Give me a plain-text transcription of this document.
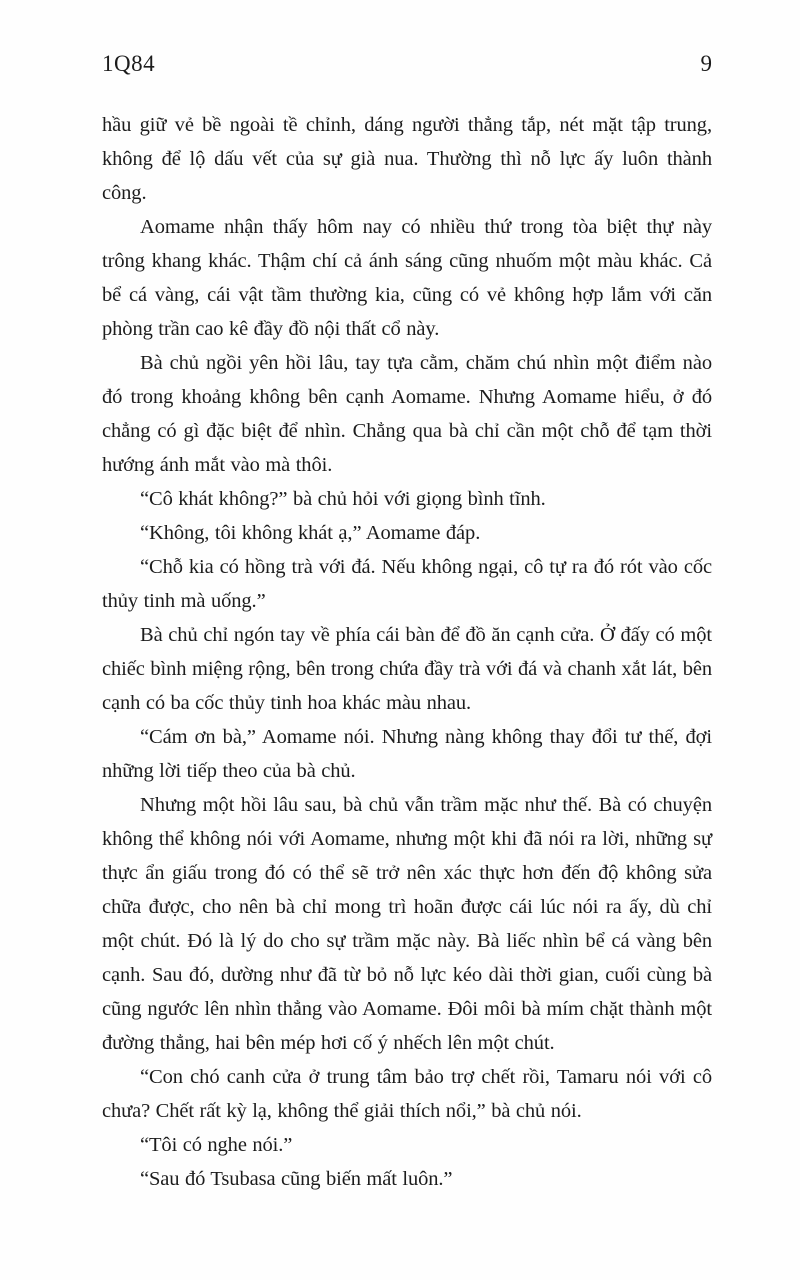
1Q84	9

hầu giữ vẻ bề ngoài tề chỉnh, dáng người thẳng tắp, nét mặt tập trung, không để lộ dấu vết của sự già nua. Thường thì nỗ lực ấy luôn thành công.

Aomame nhận thấy hôm nay có nhiều thứ trong tòa biệt thự này trông khang khác. Thậm chí cả ánh sáng cũng nhuốm một màu khác. Cả bể cá vàng, cái vật tầm thường kia, cũng có vẻ không hợp lắm với căn phòng trần cao kê đầy đồ nội thất cổ này.

Bà chủ ngồi yên hồi lâu, tay tựa cằm, chăm chú nhìn một điểm nào đó trong khoảng không bên cạnh Aomame. Nhưng Aomame hiểu, ở đó chẳng có gì đặc biệt để nhìn. Chẳng qua bà chỉ cần một chỗ để tạm thời hướng ánh mắt vào mà thôi.

“Cô khát không?” bà chủ hỏi với giọng bình tĩnh.

“Không, tôi không khát ạ,” Aomame đáp.

“Chỗ kia có hồng trà với đá. Nếu không ngại, cô tự ra đó rót vào cốc thủy tinh mà uống.”

Bà chủ chỉ ngón tay về phía cái bàn để đồ ăn cạnh cửa. Ở đấy có một chiếc bình miệng rộng, bên trong chứa đầy trà với đá và chanh xắt lát, bên cạnh có ba cốc thủy tinh hoa khác màu nhau.

“Cám ơn bà,” Aomame nói. Nhưng nàng không thay đổi tư thế, đợi những lời tiếp theo của bà chủ.

Nhưng một hồi lâu sau, bà chủ vẫn trầm mặc như thế. Bà có chuyện không thể không nói với Aomame, nhưng một khi đã nói ra lời, những sự thực ẩn giấu trong đó có thể sẽ trở nên xác thực hơn đến độ không sửa chữa được, cho nên bà chỉ mong trì hoãn được cái lúc nói ra ấy, dù chỉ một chút. Đó là lý do cho sự trầm mặc này. Bà liếc nhìn bể cá vàng bên cạnh. Sau đó, dường như đã từ bỏ nỗ lực kéo dài thời gian, cuối cùng bà cũng ngước lên nhìn thẳng vào Aomame. Đôi môi bà mím chặt thành một đường thẳng, hai bên mép hơi cố ý nhếch lên một chút.

“Con chó canh cửa ở trung tâm bảo trợ chết rồi, Tamaru nói với cô chưa? Chết rất kỳ lạ, không thể giải thích nổi,” bà chủ nói.

“Tôi có nghe nói.”

“Sau đó Tsubasa cũng biến mất luôn.”
